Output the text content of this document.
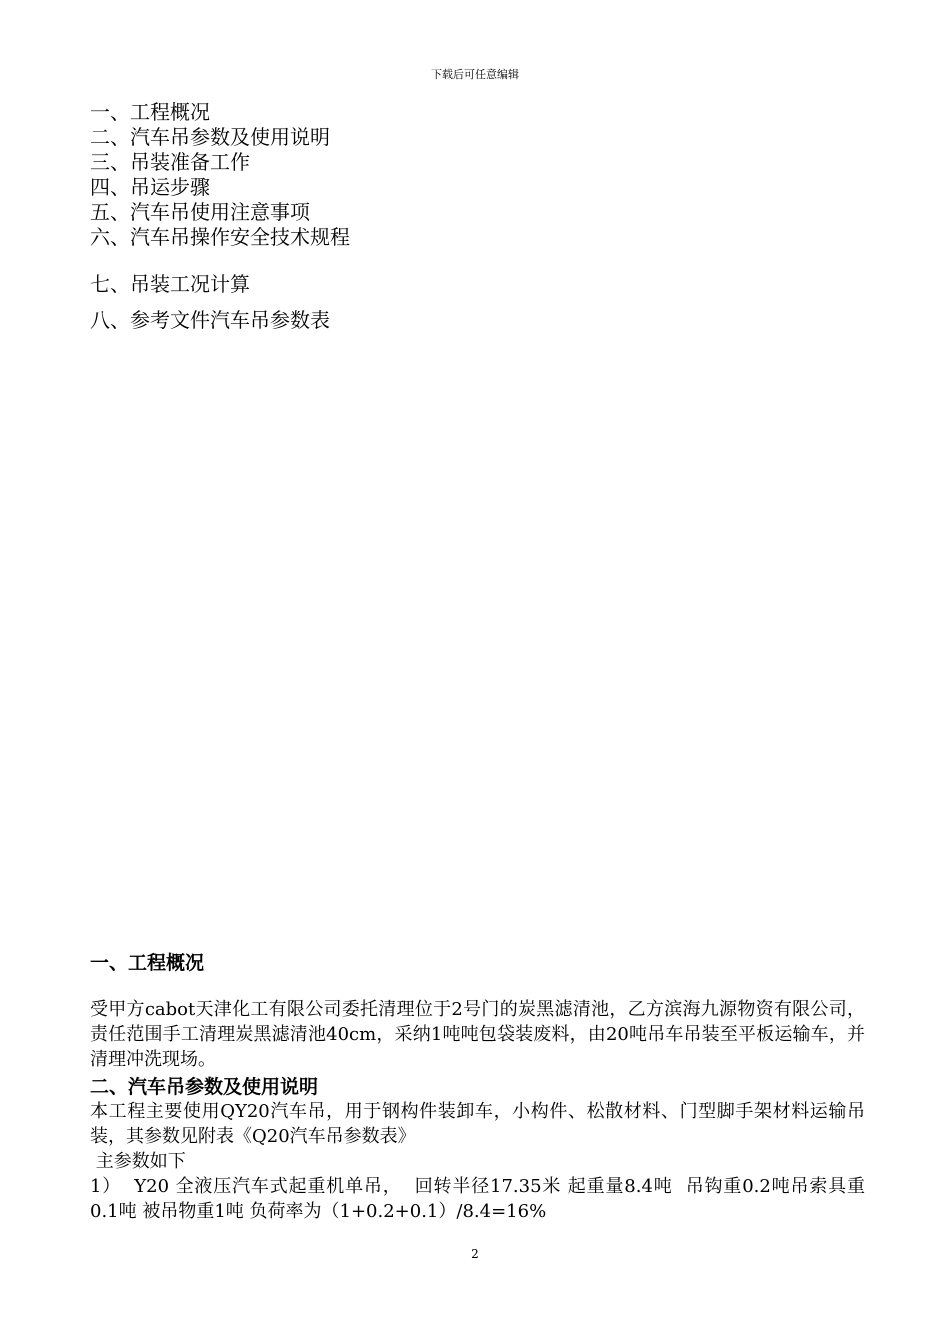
下载后可任意编辑
一、工程概况
二、汽车吊参数及使用说明
三、吊装准备工作
四、吊运步骤
五、汽车吊使用注意事项
六、汽车吊操作安全技术规程
七、吊装工况计算
八、参考文件汽车吊参数表
一、工程概况
受甲方cabot天津化工有限公司委托清理位于2号门的炭黑滤清池，乙方滨海九源物资有限公司，责任范围手工清理炭黑滤清池40cm，采纳1吨吨包袋装废料，由20吨吊车吊装至平板运输车，并清理冲洗现场。
二、汽车吊参数及使用说明
本工程主要使用QY20汽车吊，用于钢构件装卸车，小构件、松散材料、门型脚手架材料运输吊装，其参数见附表《Q20汽车吊参数表》
主参数如下
1）  Y20 全液压汽车式起重机单吊，  回转半径17.35米 起重量8.4吨  吊钩重0.2吨吊索具重 0.1吨 被吊物重1吨 负荷率为（1+0.2+0.1）/8.4=16%
2
